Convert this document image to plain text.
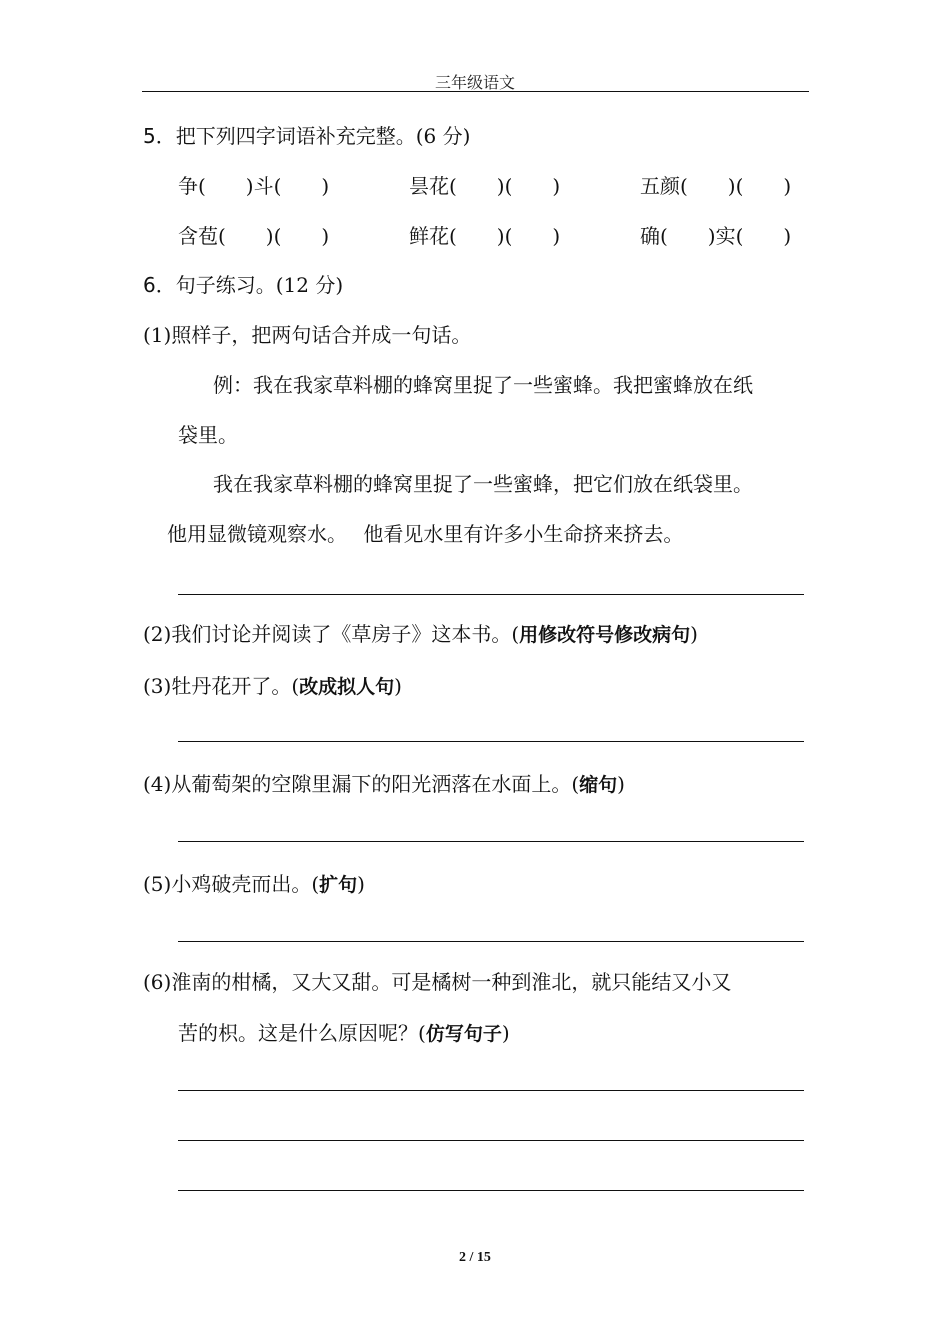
三年级语文
5．把下列四字词语补充完整。(6 分)
争(　　)斗(　　)	昙花(　　)(　　)	五颜(　　)(　　)
含苞(　　)(　　)	鲜花(　　)(　　)	确(　　)实(　　)
6．句子练习。(12 分)
(1)照样子，把两句话合并成一句话。
例：我在我家草料棚的蜂窝里捉了一些蜜蜂。我把蜜蜂放在纸
袋里。
我在我家草料棚的蜂窝里捉了一些蜜蜂，把它们放在纸袋里。
他用显微镜观察水。　 他看见水里有许多小生命挤来挤去。
(2)我们讨论并阅读了《草房子》这本书。(用修改符号修改病句)
(3)牡丹花开了。(改成拟人句)
(4)从葡萄架的空隙里漏下的阳光洒落在水面上。(缩句)
(5)小鸡破壳而出。(扩句)
(6)淮南的柑橘，又大又甜。可是橘树一种到淮北，就只能结又小又
苦的枳。这是什么原因呢？(仿写句子)
2 / 15
